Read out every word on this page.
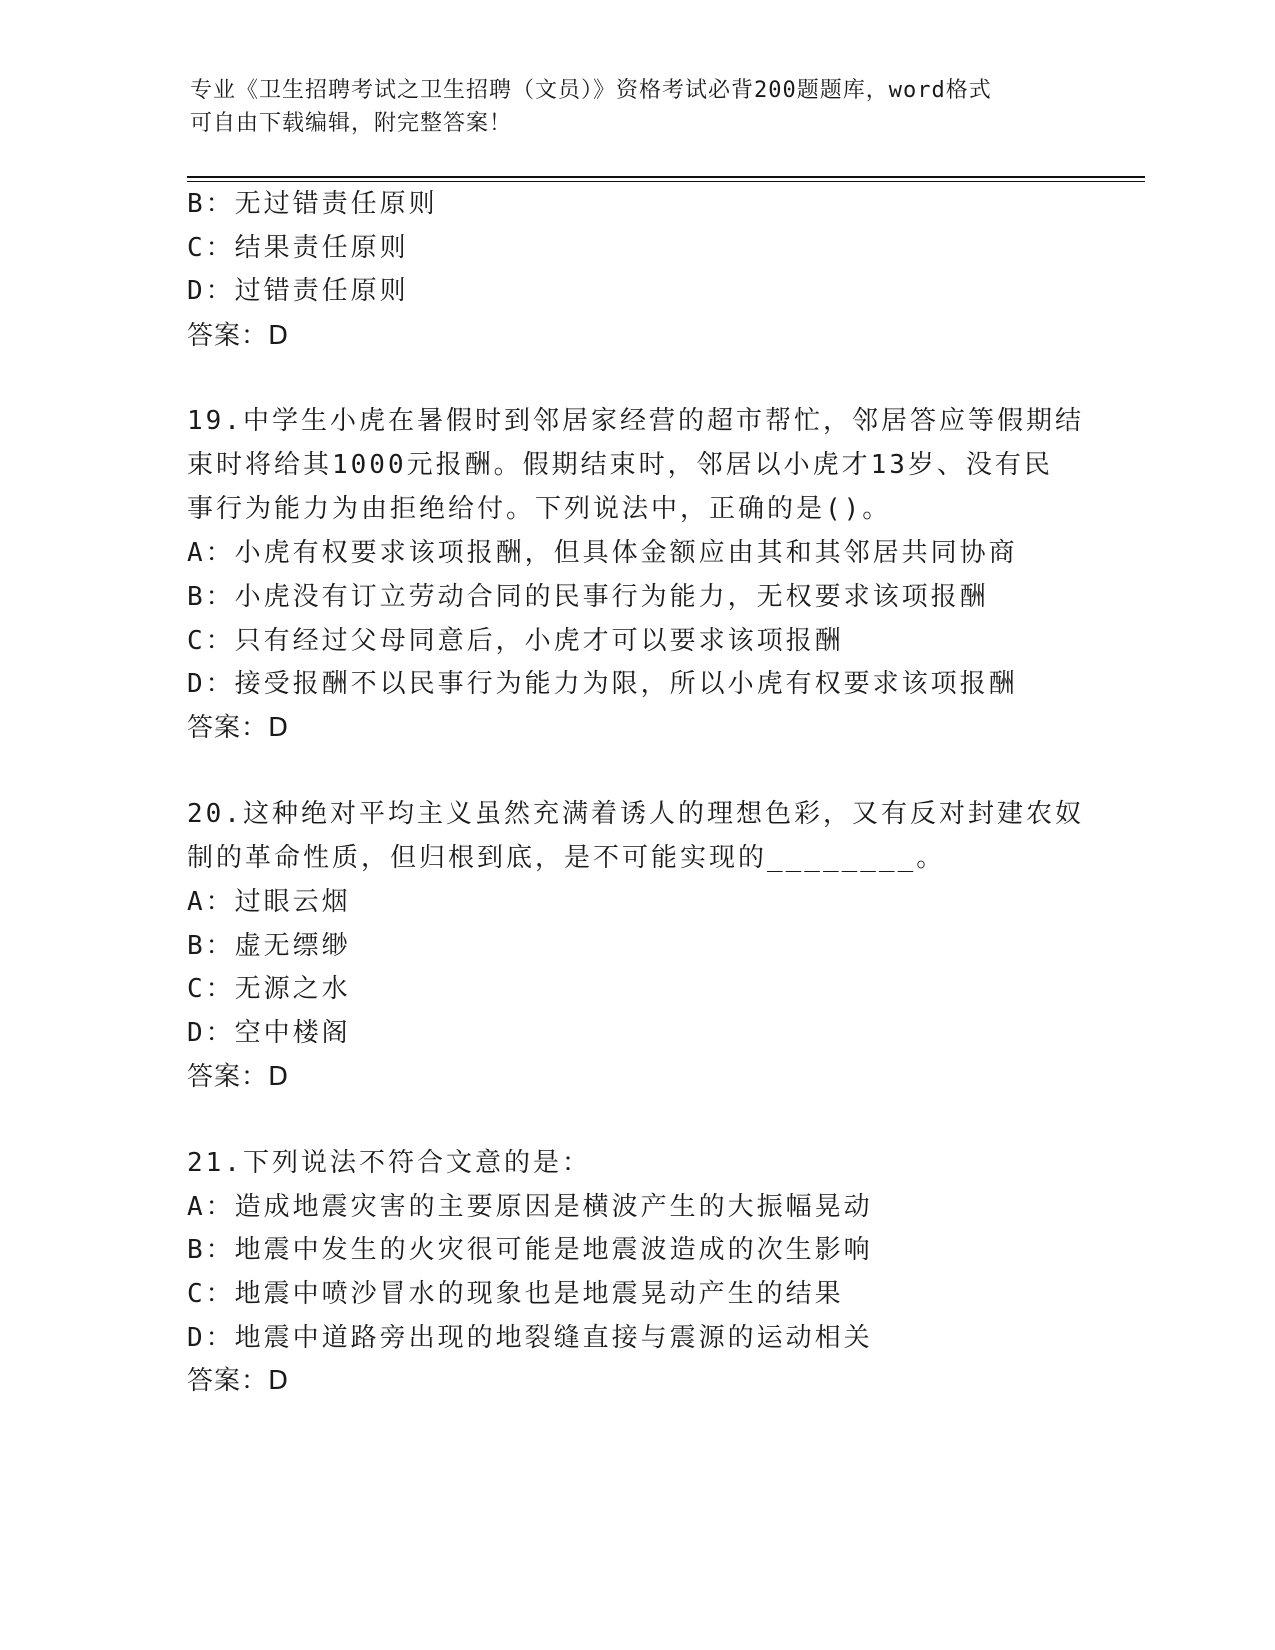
专业《卫生招聘考试之卫生招聘（文员）》资格考试必背200题题库，word格式
可自由下载编辑，附完整答案！
B：无过错责任原则
C：结果责任原则
D：过错责任原则
答案：D
19.中学生小虎在暑假时到邻居家经营的超市帮忙，邻居答应等假期结
束时将给其1000元报酬。假期结束时，邻居以小虎才13岁、没有民
事行为能力为由拒绝给付。下列说法中，正确的是()。
A：小虎有权要求该项报酬，但具体金额应由其和其邻居共同协商
B：小虎没有订立劳动合同的民事行为能力，无权要求该项报酬
C：只有经过父母同意后，小虎才可以要求该项报酬
D：接受报酬不以民事行为能力为限，所以小虎有权要求该项报酬
答案：D
20.这种绝对平均主义虽然充满着诱人的理想色彩，又有反对封建农奴
制的革命性质，但归根到底，是不可能实现的________。
A：过眼云烟
B：虚无缥缈
C：无源之水
D：空中楼阁
答案：D
21.下列说法不符合文意的是：
A：造成地震灾害的主要原因是横波产生的大振幅晃动
B：地震中发生的火灾很可能是地震波造成的次生影响
C：地震中喷沙冒水的现象也是地震晃动产生的结果
D：地震中道路旁出现的地裂缝直接与震源的运动相关
答案：D
